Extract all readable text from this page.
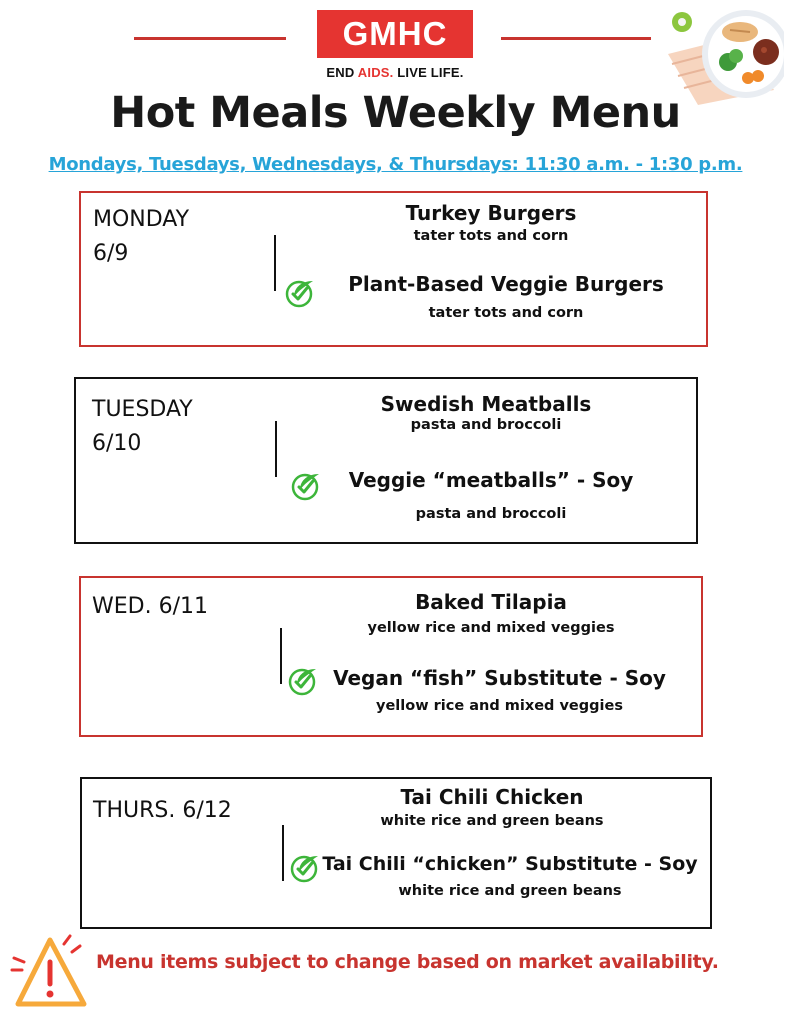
GMHC
END AIDS. LIVE LIFE.
Hot Meals Weekly Menu
Mondays, Tuesdays, Wednesdays, & Thursdays: 11:30 a.m. - 1:30 p.m.
MONDAY
6/9
Turkey Burgers
tater tots and corn
Plant-Based Veggie Burgers
tater tots and corn
TUESDAY
6/10
Swedish Meatballs
pasta and broccoli
Veggie “meatballs” - Soy
pasta and broccoli
WED. 6/11	Baked Tilapia
yellow rice and mixed veggies
Vegan “fish” Substitute - Soy
yellow rice and mixed veggies
THURS. 6/12
Tai Chili Chicken
white rice and green beans
Tai Chili “chicken” Substitute - Soy
white rice and green beans
Menu items subject to change based on market availability.
